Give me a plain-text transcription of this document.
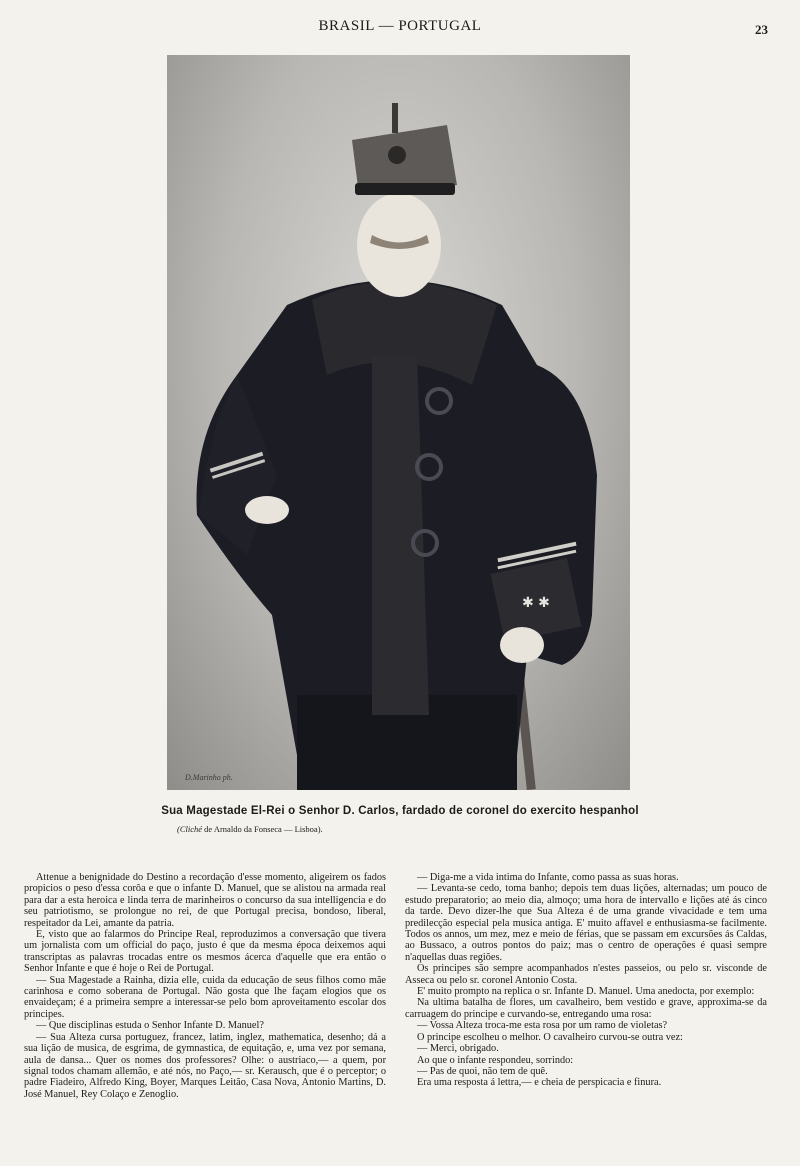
BRASIL — PORTUGAL	23
✱ ✱
D.Marinho ph.
Sua Magestade El-Rei o Senhor D. Carlos, fardado de coronel do exercito hespanhol
(Cliché de Arnaldo da Fonseca — Lisboa).

Attenue a benignidade do Destino a recordação d'esse momento, aligeirem os fados propicios o peso d'essa corôa e que o infante D. Manuel, que se alistou na armada real para dar a esta heroica e linda terra de marinheiros o concurso da sua intelligencia e do seu patriotismo, se prolongue no rei, de que Portugal precisa, bondoso, liberal, respeitador da Lei, amante da patria.

E, visto que ao falarmos do Principe Real, reproduzimos a conversação que tivera um jornalista com um official do paço, justo é que da mesma época deixemos aqui transcriptas as palavras trocadas entre os mesmos ácerca d'aquelle que era então o Senhor Infante e que é hoje o Rei de Portugal.

— Sua Magestade a Rainha, dizia elle, cuida da educação de seus filhos como mãe carinhosa e como soberana de Portugal. Não gosta que lhe façam elogios que os envaideçam; é a primeira sempre a interessar-se pelo bom aproveitamento escolar dos principes.

— Que disciplinas estuda o Senhor Infante D. Manuel?

— Sua Alteza cursa portuguez, francez, latim, inglez, mathematica, desenho; dá a sua lição de musica, de esgrima, de gymnastica, de equitação, e, uma vez por semana, aula de dansa... Quer os nomes dos professores? Olhe: o austriaco,— a quem, por signal todos chamam allemão, e até nós, no Paço,— sr. Kerausch, que é o perceptor; o padre Fiadeiro, Alfredo King, Boyer, Marques Leitão, Casa Nova, Antonio Martins, D. José Manuel, Rey Colaço e Zenoglio.

— Diga-me a vida intima do Infante, como passa as suas horas.

— Levanta-se cedo, toma banho; depois tem duas lições, alternadas; um pouco de estudo preparatorio; ao meio dia, almoço; uma hora de intervallo e lições até ás cinco da tarde. Devo dizer-lhe que Sua Alteza é de uma grande vivacidade e tem uma predilecção especial pela musica antiga. E' muito affavel e enthusiasma-se facilmente. Todos os annos, um mez, mez e meio de férias, que se passam em excursões ás Caldas, ao Bussaco, a outros pontos do paiz; mas o centro de operações é quasi sempre n'aquellas duas regiões.

Os principes são sempre acompanhados n'estes passeios, ou pelo sr. visconde de Asseca ou pelo sr. coronel Antonio Costa.

E' muito prompto na replica o sr. Infante D. Manuel. Uma anedocta, por exemplo:

Na ultima batalha de flores, um cavalheiro, bem vestido e grave, approxima-se da carruagem do principe e curvando-se, entregando uma rosa:

— Vossa Alteza troca-me esta rosa por um ramo de violetas?

O principe escolheu o melhor. O cavalheiro curvou-se outra vez:

— Merci, obrigado.

Ao que o infante respondeu, sorrindo:

— Pas de quoi, não tem de quê.

Era uma resposta á lettra,— e cheia de perspicacia e finura.
